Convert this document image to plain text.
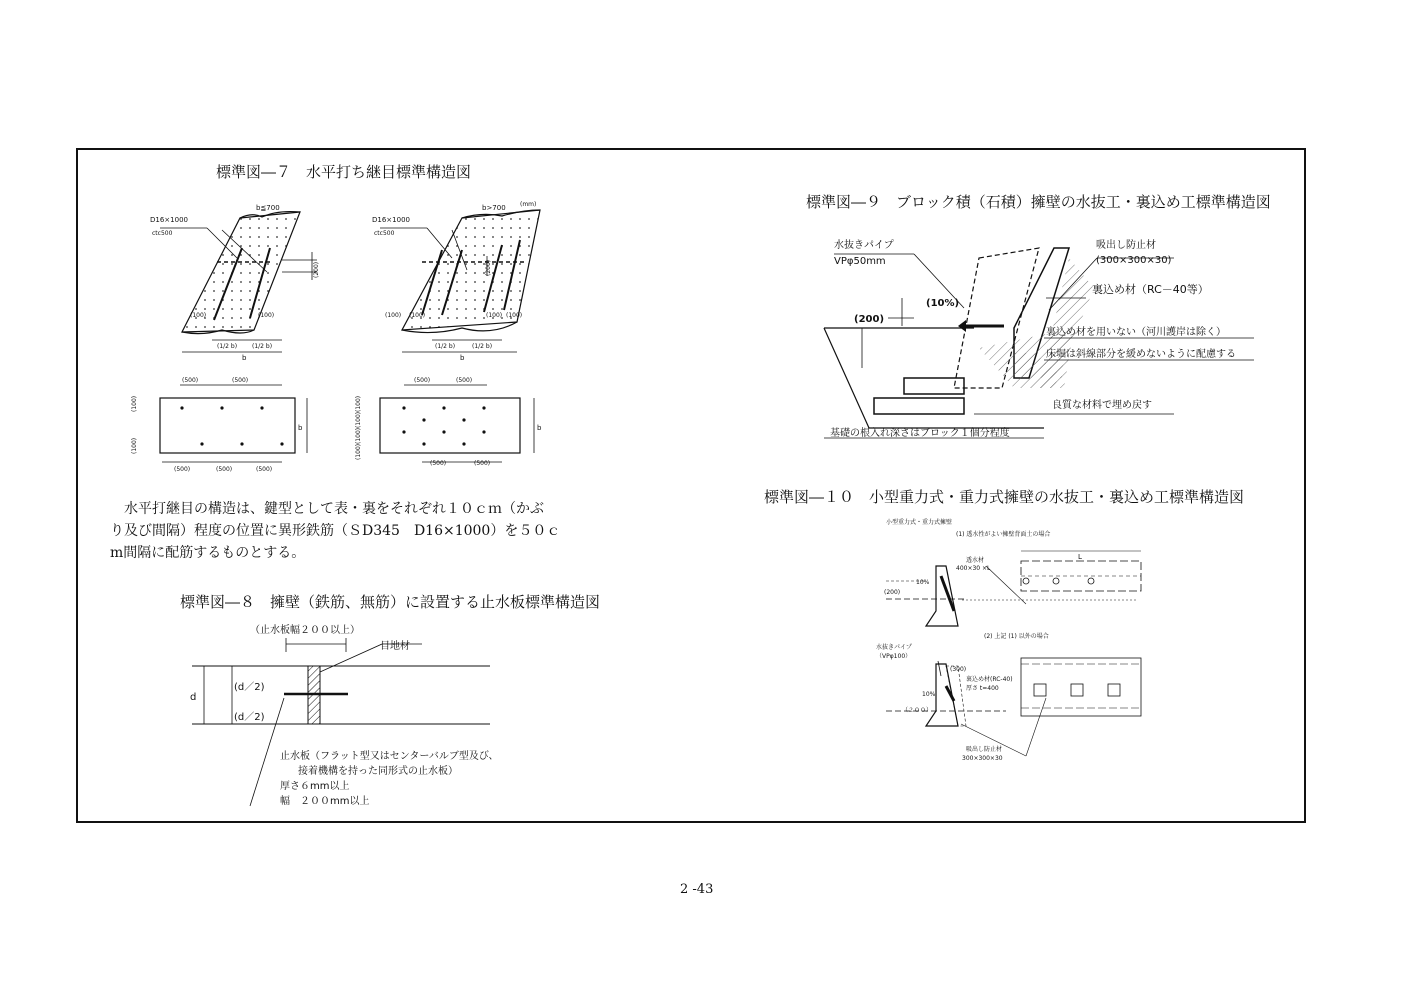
標準図―７　水平打ち継目標準構造図
D16×1000
ctc500
b≦700
(200)
(100)	(100)
(1/2 b) (1/2 b)
b
D16×1000
ctc500
b>700 (mm)
(200)
(100) (100)	(100) (100)
(1/2 b)	(1/2 b)
b
(500)	(500)
(500)	(500)	(500)
(100)
(100)
b
(500)	(500)
(500)	(500)
(100)
(100)
(100)
(100)
b
　水平打継目の構造は、鍵型として表・裏をそれぞれ１０ｃｍ（かぶ
り及び間隔）程度の位置に異形鉄筋（ＳD345　D16×1000）を５０ｃ
m間隔に配筋するものとする。
標準図―８　擁壁（鉄筋、無筋）に設置する止水板標準構造図
（止水板幅２００以上）
目地材
d
(d／2)
(d／2)
止水板（フラット型又はセンターバルブ型及び、
接着機構を持った同形式の止水板）
厚さ６mm以上
幅　２００mm以上
標準図―９　ブロック積（石積）擁壁の水抜工・裏込め工標準構造図
水抜きパイプ
VPφ50mm
(10%)
(200)
吸出し防止材
(300×300×30)
裏込め材（RC－40等）
裏込め材を用いない（河川護岸は除く）
床堀は斜線部分を緩めないように配慮する
良質な材料で埋め戻す
基礎の根入れ深さはブロック１個分程度
標準図―１０　小型重力式・重力式擁壁の水抜工・裏込め工標準構造図
小型重力式・重力式擁壁
(1) 透水性がよい擁壁背面土の場合
透水材
400×30 ×L
L
10%
(200)
(2) 上記 (1) 以外の場合
水抜きパイプ
（VPφ100）
(300)
裏込め材(RC-40)
厚さ t=400
10%
（２００）
吸出し防止材
300×300×30
2 -43
